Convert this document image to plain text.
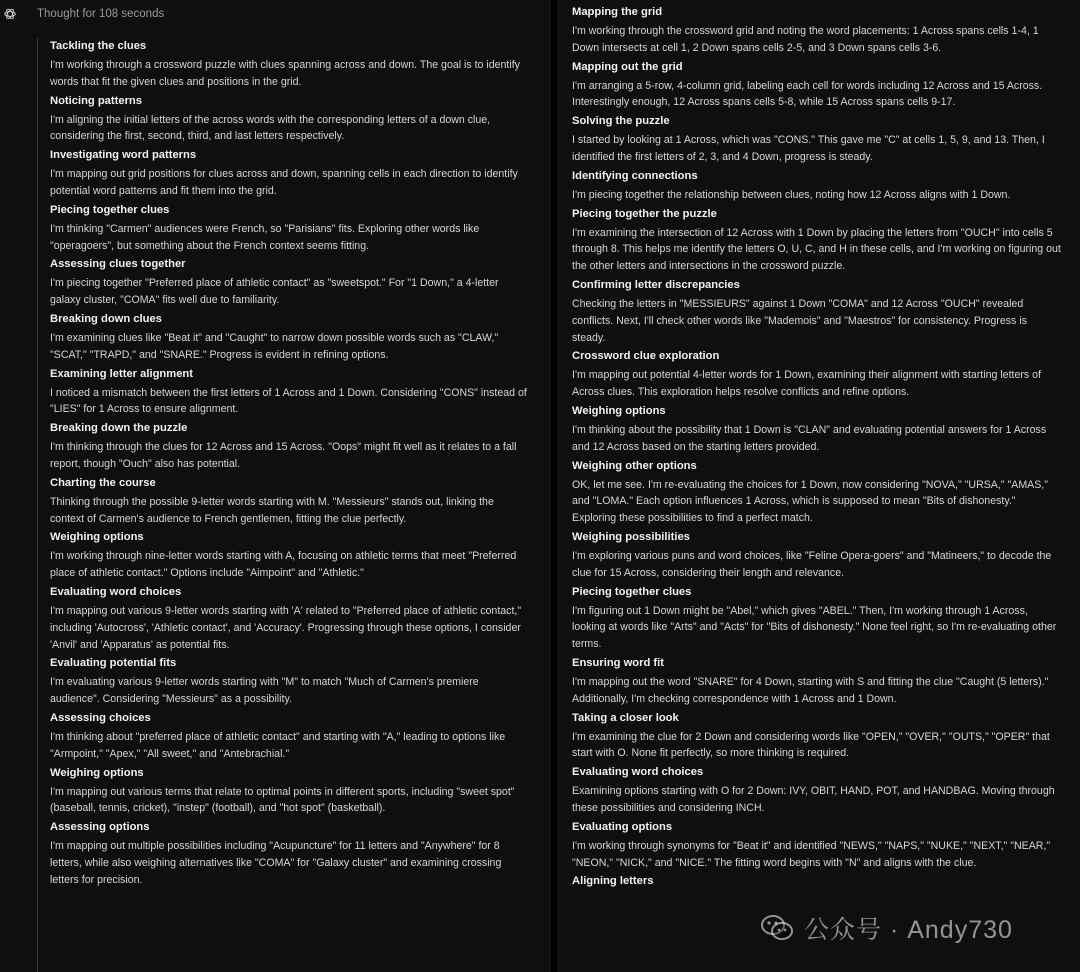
Thought for 108 seconds
Tackling the clues

I'm working through a crossword puzzle with clues spanning across and down. The goal is to identify words that fit the given clues and positions in the grid.

Noticing patterns

I'm aligning the initial letters of the across words with the corresponding letters of a down clue, considering the first, second, third, and last letters respectively.

Investigating word patterns

I'm mapping out grid positions for clues across and down, spanning cells in each direction to identify potential word patterns and fit them into the grid.

Piecing together clues

I'm thinking "Carmen" audiences were French, so "Parisians" fits. Exploring other words like "operagoers", but something about the French context seems fitting.

Assessing clues together

I'm piecing together "Preferred place of athletic contact" as "sweetspot." For "1 Down," a 4-letter galaxy cluster, "COMA" fits well due to familiarity.

Breaking down clues

I'm examining clues like "Beat it" and "Caught" to narrow down possible words such as "CLAW," "SCAT," "TRAPD," and "SNARE." Progress is evident in refining options.

Examining letter alignment

I noticed a mismatch between the first letters of 1 Across and 1 Down. Considering "CONS" instead of "LIES" for 1 Across to ensure alignment.

Breaking down the puzzle

I'm thinking through the clues for 12 Across and 15 Across. "Oops" might fit well as it relates to a fall report, though "Ouch" also has potential.

Charting the course

Thinking through the possible 9-letter words starting with M. "Messieurs" stands out, linking the context of Carmen's audience to French gentlemen, fitting the clue perfectly.

Weighing options

I'm working through nine-letter words starting with A, focusing on athletic terms that meet "Preferred place of athletic contact." Options include "Aimpoint" and "Athletic."

Evaluating word choices

I'm mapping out various 9-letter words starting with 'A' related to "Preferred place of athletic contact," including 'Autocross', 'Athletic contact', and 'Accuracy'. Progressing through these options, I consider 'Anvil' and 'Apparatus' as potential fits.

Evaluating potential fits

I'm evaluating various 9-letter words starting with "M" to match "Much of Carmen's premiere audience". Considering "Messieurs" as a possibility.

Assessing choices

I'm thinking about "preferred place of athletic contact" and starting with "A," leading to options like "Armpoint," "Apex," "All sweet," and "Antebrachial."

Weighing options

I'm mapping out various terms that relate to optimal points in different sports, including "sweet spot" (baseball, tennis, cricket), "instep" (football), and "hot spot" (basketball).

Assessing options

I'm mapping out multiple possibilities including "Acupuncture" for 11 letters and "Anywhere" for 8 letters, while also weighing alternatives like "COMA" for "Galaxy cluster" and examining crossing letters for precision.

Mapping the grid

I'm working through the crossword grid and noting the word placements: 1 Across spans cells 1-4, 1 Down intersects at cell 1, 2 Down spans cells 2-5, and 3 Down spans cells 3-6.

Mapping out the grid

I'm arranging a 5-row, 4-column grid, labeling each cell for words including 12 Across and 15 Across. Interestingly enough, 12 Across spans cells 5-8, while 15 Across spans cells 9-17.

Solving the puzzle

I started by looking at 1 Across, which was "CONS." This gave me "C" at cells 1, 5, 9, and 13. Then, I identified the first letters of 2, 3, and 4 Down, progress is steady.

Identifying connections

I'm piecing together the relationship between clues, noting how 12 Across aligns with 1 Down.

Piecing together the puzzle

I'm examining the intersection of 12 Across with 1 Down by placing the letters from "OUCH" into cells 5 through 8. This helps me identify the letters O, U, C, and H in these cells, and I'm working on figuring out the other letters and intersections in the crossword puzzle.

Confirming letter discrepancies

Checking the letters in "MESSIEURS" against 1 Down "COMA" and 12 Across "OUCH" revealed conflicts. Next, I'll check other words like "Mademois" and "Maestros" for consistency. Progress is steady.

Crossword clue exploration

I'm mapping out potential 4-letter words for 1 Down, examining their alignment with starting letters of Across clues. This exploration helps resolve conflicts and refine options.

Weighing options

I'm thinking about the possibility that 1 Down is "CLAN" and evaluating potential answers for 1 Across and 12 Across based on the starting letters provided.

Weighing other options

OK, let me see. I'm re-evaluating the choices for 1 Down, now considering "NOVA," "URSA," "AMAS," and "LOMA." Each option influences 1 Across, which is supposed to mean "Bits of dishonesty." Exploring these possibilities to find a perfect match.

Weighing possibilities

I'm exploring various puns and word choices, like "Feline Opera-goers" and "Matineers," to decode the clue for 15 Across, considering their length and relevance.

Piecing together clues

I'm figuring out 1 Down might be "Abel," which gives "ABEL." Then, I'm working through 1 Across, looking at words like "Arts" and "Acts" for "Bits of dishonesty." None feel right, so I'm re-evaluating other terms.

Ensuring word fit

I'm mapping out the word "SNARE" for 4 Down, starting with S and fitting the clue "Caught (5 letters)." Additionally, I'm checking correspondence with 1 Across and 1 Down.

Taking a closer look

I'm examining the clue for 2 Down and considering words like "OPEN," "OVER," "OUTS," "OPER" that start with O. None fit perfectly, so more thinking is required.

Evaluating word choices

Examining options starting with O for 2 Down: IVY, OBIT, HAND, POT, and HANDBAG. Moving through these possibilities and considering INCH.

Evaluating options

I'm working through synonyms for "Beat it" and identified "NEWS," "NAPS," "NUKE," "NEXT," "NEAR," "NEON," "NICK," and "NICE." The fitting word begins with "N" and aligns with the clue.

Aligning letters
公众号 · Andy730
